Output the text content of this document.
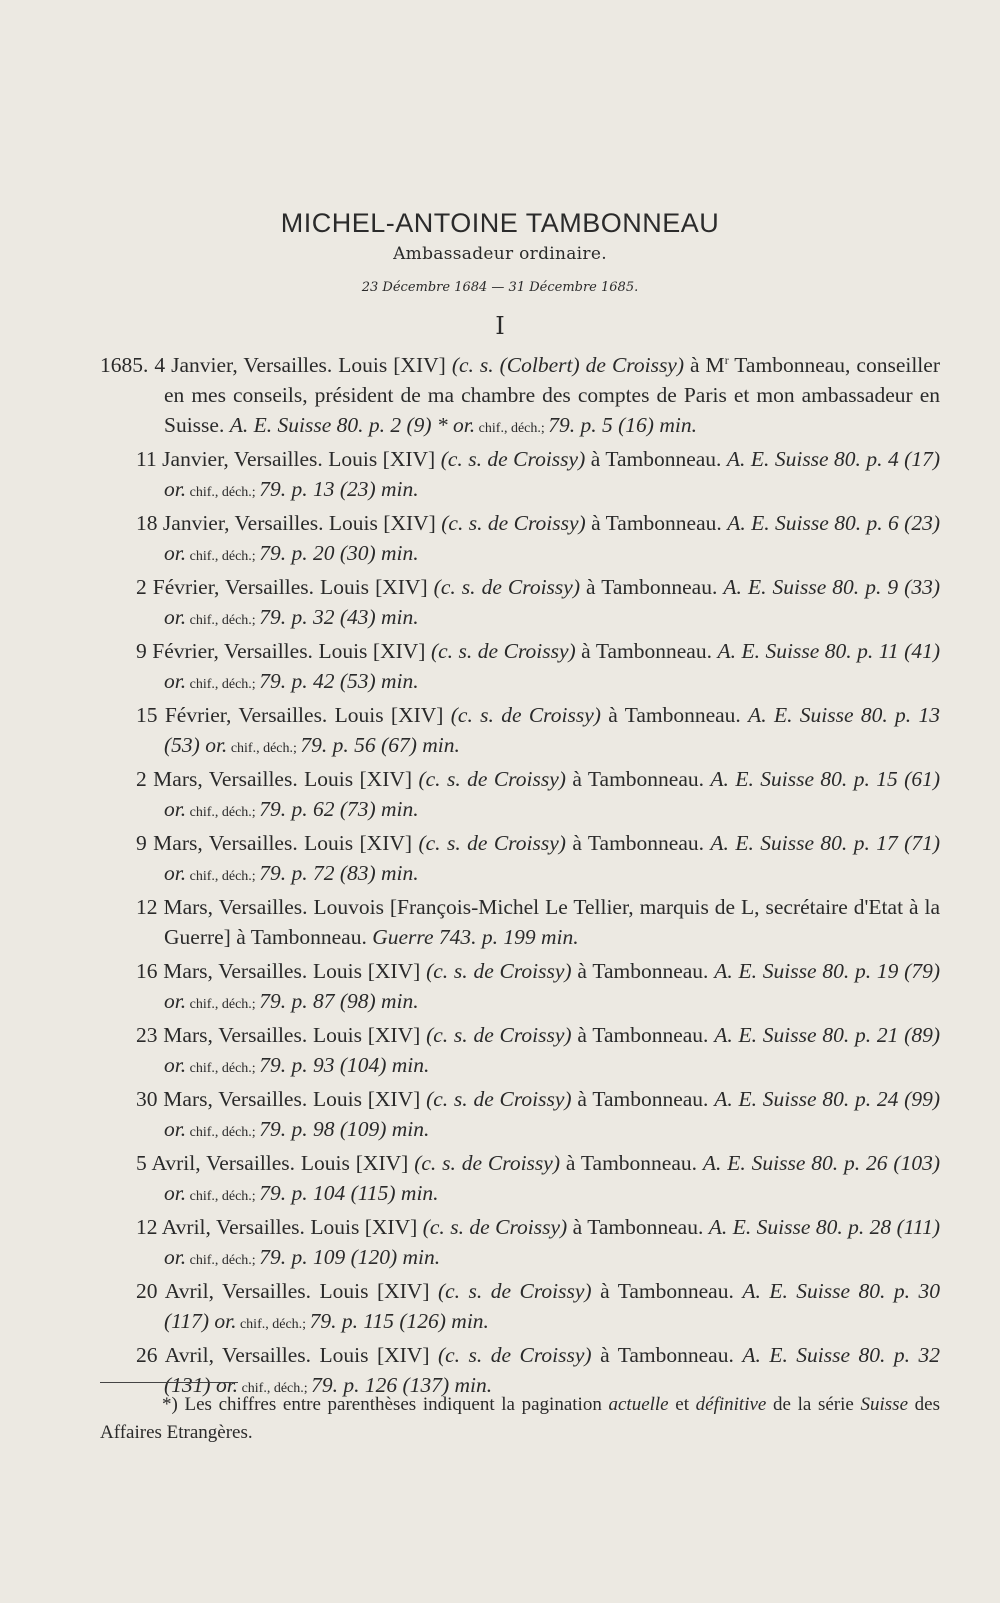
MICHEL-ANTOINE TAMBONNEAU
Ambassadeur ordinaire.
23 Décembre 1684 — 31 Décembre 1685.
I
1685. 4 Janvier, Versailles. Louis [XIV] (c. s. (Colbert) de Croissy) à $M^r$ Tambonneau, conseiller en mes conseils, président de ma chambre des comptes de Paris et mon ambassadeur en Suisse. A. E. Suisse 80. p. 2 (9) * or. chif., déch.; 79. p. 5 (16) min.
11 Janvier, Versailles. Louis [XIV] (c. s. de Croissy) à Tambonneau. A. E. Suisse 80. p. 4 (17) or. chif., déch.; 79. p. 13 (23) min.
18 Janvier, Versailles. Louis [XIV] (c. s. de Croissy) à Tambonneau. A. E. Suisse 80. p. 6 (23) or. chif., déch.; 79. p. 20 (30) min.
2 Février, Versailles. Louis [XIV] (c. s. de Croissy) à Tambonneau. A. E. Suisse 80. p. 9 (33) or. chif., déch.; 79. p. 32 (43) min.
9 Février, Versailles. Louis [XIV] (c. s. de Croissy) à Tambonneau. A. E. Suisse 80. p. 11 (41) or. chif., déch.; 79. p. 42 (53) min.
15 Février, Versailles. Louis [XIV] (c. s. de Croissy) à Tambonneau. A. E. Suisse 80. p. 13 (53) or. chif., déch.; 79. p. 56 (67) min.
2 Mars, Versailles. Louis [XIV] (c. s. de Croissy) à Tambonneau. A. E. Suisse 80. p. 15 (61) or. chif., déch.; 79. p. 62 (73) min.
9 Mars, Versailles. Louis [XIV] (c. s. de Croissy) à Tambonneau. A. E. Suisse 80. p. 17 (71) or. chif., déch.; 79. p. 72 (83) min.
12 Mars, Versailles. Louvois [François-Michel Le Tellier, marquis de L, secrétaire d'Etat à la Guerre] à Tambonneau. Guerre 743. p. 199 min.
16 Mars, Versailles. Louis [XIV] (c. s. de Croissy) à Tambonneau. A. E. Suisse 80. p. 19 (79) or. chif., déch.; 79. p. 87 (98) min.
23 Mars, Versailles. Louis [XIV] (c. s. de Croissy) à Tambonneau. A. E. Suisse 80. p. 21 (89) or. chif., déch.; 79. p. 93 (104) min.
30 Mars, Versailles. Louis [XIV] (c. s. de Croissy) à Tambonneau. A. E. Suisse 80. p. 24 (99) or. chif., déch.; 79. p. 98 (109) min.
5 Avril, Versailles. Louis [XIV] (c. s. de Croissy) à Tambonneau. A. E. Suisse 80. p. 26 (103) or. chif., déch.; 79. p. 104 (115) min.
12 Avril, Versailles. Louis [XIV] (c. s. de Croissy) à Tambonneau. A. E. Suisse 80. p. 28 (111) or. chif., déch.; 79. p. 109 (120) min.
20 Avril, Versailles. Louis [XIV] (c. s. de Croissy) à Tambonneau. A. E. Suisse 80. p. 30 (117) or. chif., déch.; 79. p. 115 (126) min.
26 Avril, Versailles. Louis [XIV] (c. s. de Croissy) à Tambonneau. A. E. Suisse 80. p. 32 (131) or. chif., déch.; 79. p. 126 (137) min.
*) Les chiffres entre parenthèses indiquent la pagination actuelle et définitive de la série Suisse des Affaires Etrangères.
